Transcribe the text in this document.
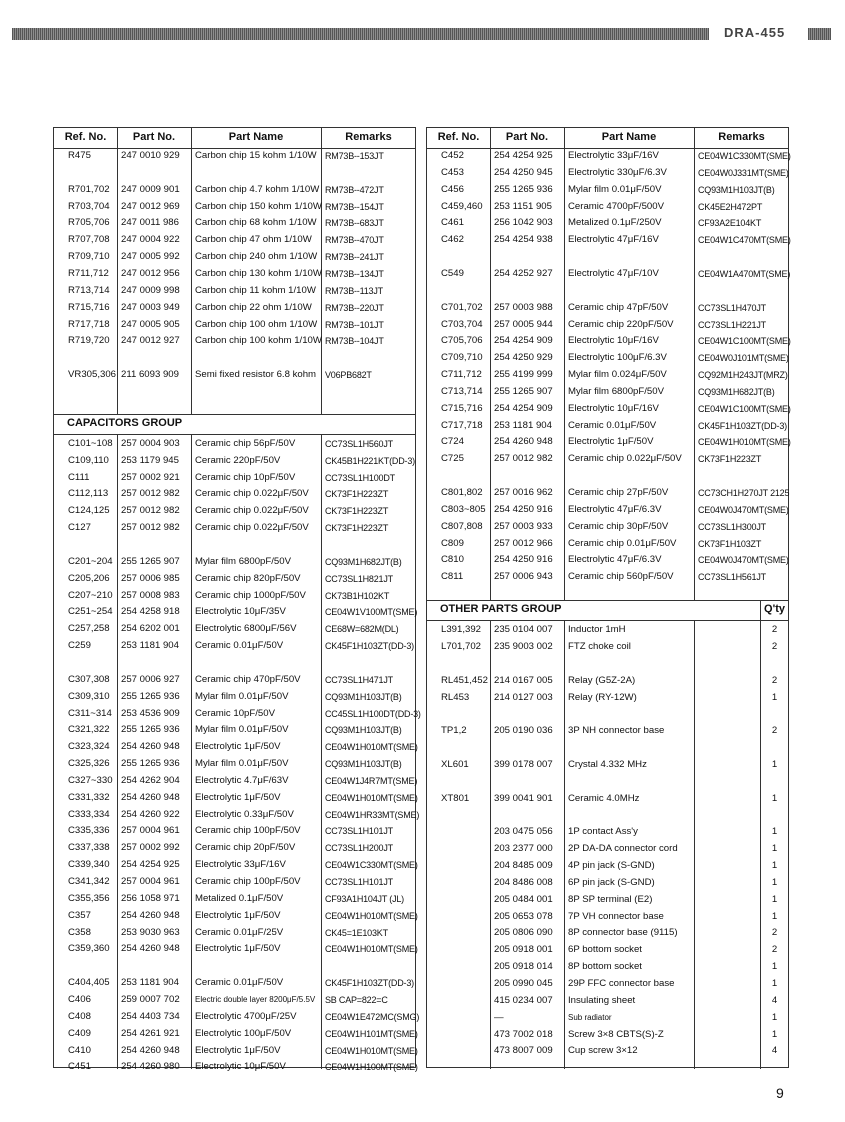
DRA-455
Ref. No.	Part No.	Part Name	Remarks
CAPACITORS GROUP
R475	247 0010 929 Carbon chip 15 kohm 1/10W RM73B--153JT
R701,702 247 0009 901 Carbon chip 4.7 kohm 1/10W RM73B--472JT
R703,704 247 0012 969 Carbon chip 150 kohm 1/10W RM73B--154JT
R705,706 247 0011 986 Carbon chip 68 kohm 1/10W RM73B--683JT
R707,708 247 0004 922 Carbon chip 47 ohm 1/10W RM73B--470JT
R709,710 247 0005 992 Carbon chip 240 ohm 1/10W RM73B--241JT
R711,712 247 0012 956 Carbon chip 130 kohm 1/10W RM73B--134JT
R713,714 247 0009 998 Carbon chip 11 kohm 1/10W RM73B--113JT
R715,716 247 0003 949 Carbon chip 22 ohm 1/10W RM73B--220JT
R717,718 247 0005 905 Carbon chip 100 ohm 1/10W RM73B--101JT
R719,720 247 0012 927 Carbon chip 100 kohm 1/10W RM73B--104JT
VR305,306 211 6093 909 Semi fixed resistor 6.8 kohm V06PB682T
C101~108 257 0004 903 Ceramic chip 56pF/50V	CC73SL1H560JT
C109,110 253 1179 945 Ceramic 220pF/50V	CK45B1H221KT(DD-3)
C111	257 0002 921 Ceramic chip 10pF/50V	CC73SL1H100DT
C112,113 257 0012 982 Ceramic chip 0.022μF/50V CK73F1H223ZT
C124,125 257 0012 982 Ceramic chip 0.022μF/50V CK73F1H223ZT
C127	257 0012 982 Ceramic chip 0.022μF/50V CK73F1H223ZT
C201~204 255 1265 907 Mylar film 6800pF/50V	CQ93M1H682JT(B)
C205,206 257 0006 985 Ceramic chip 820pF/50V	CC73SL1H821JT
C207~210 257 0008 983 Ceramic chip 1000pF/50V CK73B1H102KT
C251~254 254 4258 918 Electrolytic 10μF/35V	CE04W1V100MT(SME)
C257,258 254 6202 001 Electrolytic 6800μF/56V	CE68W=682M(DL)
C259	253 1181 904 Ceramic 0.01μF/50V	CK45F1H103ZT(DD-3)
C307,308 257 0006 927 Ceramic chip 470pF/50V	CC73SL1H471JT
C309,310 255 1265 936 Mylar film 0.01μF/50V	CQ93M1H103JT(B)
C311~314 253 4536 909 Ceramic 10pF/50V	CC45SL1H100DT(DD-3)
C321,322 255 1265 936 Mylar film 0.01μF/50V	CQ93M1H103JT(B)
C323,324 254 4260 948 Electrolytic 1μF/50V	CE04W1H010MT(SME)
C325,326 255 1265 936 Mylar film 0.01μF/50V	CQ93M1H103JT(B)
C327~330 254 4262 904 Electrolytic 4.7μF/63V	CE04W1J4R7MT(SME)
C331,332 254 4260 948 Electrolytic 1μF/50V	CE04W1H010MT(SME)
C333,334 254 4260 922 Electrolytic 0.33μF/50V	CE04W1HR33MT(SME)
C335,336 257 0004 961 Ceramic chip 100pF/50V	CC73SL1H101JT
C337,338 257 0002 992 Ceramic chip 20pF/50V	CC73SL1H200JT
C339,340 254 4254 925 Electrolytic 33μF/16V	CE04W1C330MT(SME)
C341,342 257 0004 961 Ceramic chip 100pF/50V	CC73SL1H101JT
C355,356 256 1058 971 Metalized 0.1μF/50V	CF93A1H104JT (JL)
C357	254 4260 948 Electrolytic 1μF/50V	CE04W1H010MT(SME)
C358	253 9030 963 Ceramic 0.01μF/25V	CK45=1E103KT
C359,360 254 4260 948 Electrolytic 1μF/50V	CE04W1H010MT(SME)
C404,405 253 1181 904 Ceramic 0.01μF/50V	CK45F1H103ZT(DD-3)
C406	259 0007 702 Electric double layer 8200μF/5.5V SB CAP=822=C
C408	254 4403 734 Electrolytic 4700μF/25V	CE04W1E472MC(SMG)
C409	254 4261 921 Electrolytic 100μF/50V	CE04W1H101MT(SME)
C410	254 4260 948 Electrolytic 1μF/50V	CE04W1H010MT(SME)
C451	254 4260 980 Electrolytic 10μF/50V	CE04W1H100MT(SME)
Ref. No.	Part No.	Part Name	Remarks
OTHER PARTS GROUP	Q'ty
C452	254 4254 925 Electrolytic 33μF/16V	CE04W1C330MT(SME)
C453	254 4250 945 Electrolytic 330μF/6.3V	CE04W0J331MT(SME)
C456	255 1265 936 Mylar film 0.01μF/50V	CQ93M1H103JT(B)
C459,460 253 1151 905 Ceramic 4700pF/500V	CK45E2H472PT
C461	256 1042 903 Metalized 0.1μF/250V	CF93A2E104KT
C462	254 4254 938 Electrolytic 47μF/16V	CE04W1C470MT(SME)
C549	254 4252 927 Electrolytic 47μF/10V	CE04W1A470MT(SME)
C701,702 257 0003 988 Ceramic chip 47pF/50V	CC73SL1H470JT
C703,704 257 0005 944 Ceramic chip 220pF/50V	CC73SL1H221JT
C705,706 254 4254 909 Electrolytic 10μF/16V	CE04W1C100MT(SME)
C709,710 254 4250 929 Electrolytic 100μF/6.3V	CE04W0J101MT(SME)
C711,712 255 4199 999 Mylar film 0.024μF/50V	CQ92M1H243JT(MRZ)
C713,714 255 1265 907 Mylar film 6800pF/50V	CQ93M1H682JT(B)
C715,716 254 4254 909 Electrolytic 10μF/16V	CE04W1C100MT(SME)
C717,718 253 1181 904 Ceramic 0.01μF/50V	CK45F1H103ZT(DD-3)
C724	254 4260 948 Electrolytic 1μF/50V	CE04W1H010MT(SME)
C725	257 0012 982 Ceramic chip 0.022μF/50V CK73F1H223ZT
C801,802 257 0016 962 Ceramic chip 27pF/50V	CC73CH1H270JT 2125
C803~805 254 4250 916 Electrolytic 47μF/6.3V	CE04W0J470MT(SME)
C807,808 257 0003 933 Ceramic chip 30pF/50V	CC73SL1H300JT
C809	257 0012 966 Ceramic chip 0.01μF/50V CK73F1H103ZT
C810	254 4250 916 Electrolytic 47μF/6.3V	CE04W0J470MT(SME)
C811	257 0006 943 Ceramic chip 560pF/50V	CC73SL1H561JT
L391,392 235 0104 007 Inductor 1mH	2
L701,702 235 9003 002 FTZ choke coil	2
RL451,452 214 0167 005 Relay (G5Z-2A)	2
RL453	214 0127 003 Relay (RY-12W)	1
TP1,2	205 0190 036 3P NH connector base	2
XL601	399 0178 007 Crystal 4.332 MHz	1
XT801	399 0041 901 Ceramic 4.0MHz	1
203 0475 056 1P contact Ass'y	1
203 2377 000 2P DA-DA connector cord	1
204 8485 009 4P pin jack (S-GND)	1
204 8486 008 6P pin jack (S-GND)	1
205 0484 001 8P SP terminal (E2)	1
205 0653 078 7P VH connector base	1
205 0806 090 8P connector base (9115)	2
205 0918 001 6P bottom socket	2
205 0918 014 8P bottom socket	1
205 0990 045 29P FFC connector base	1
415 0234 007 Insulating sheet	4
—	Sub radiator	1
473 7002 018 Screw 3×8 CBTS(S)-Z	1
473 8007 009 Cup screw 3×12	4
9
